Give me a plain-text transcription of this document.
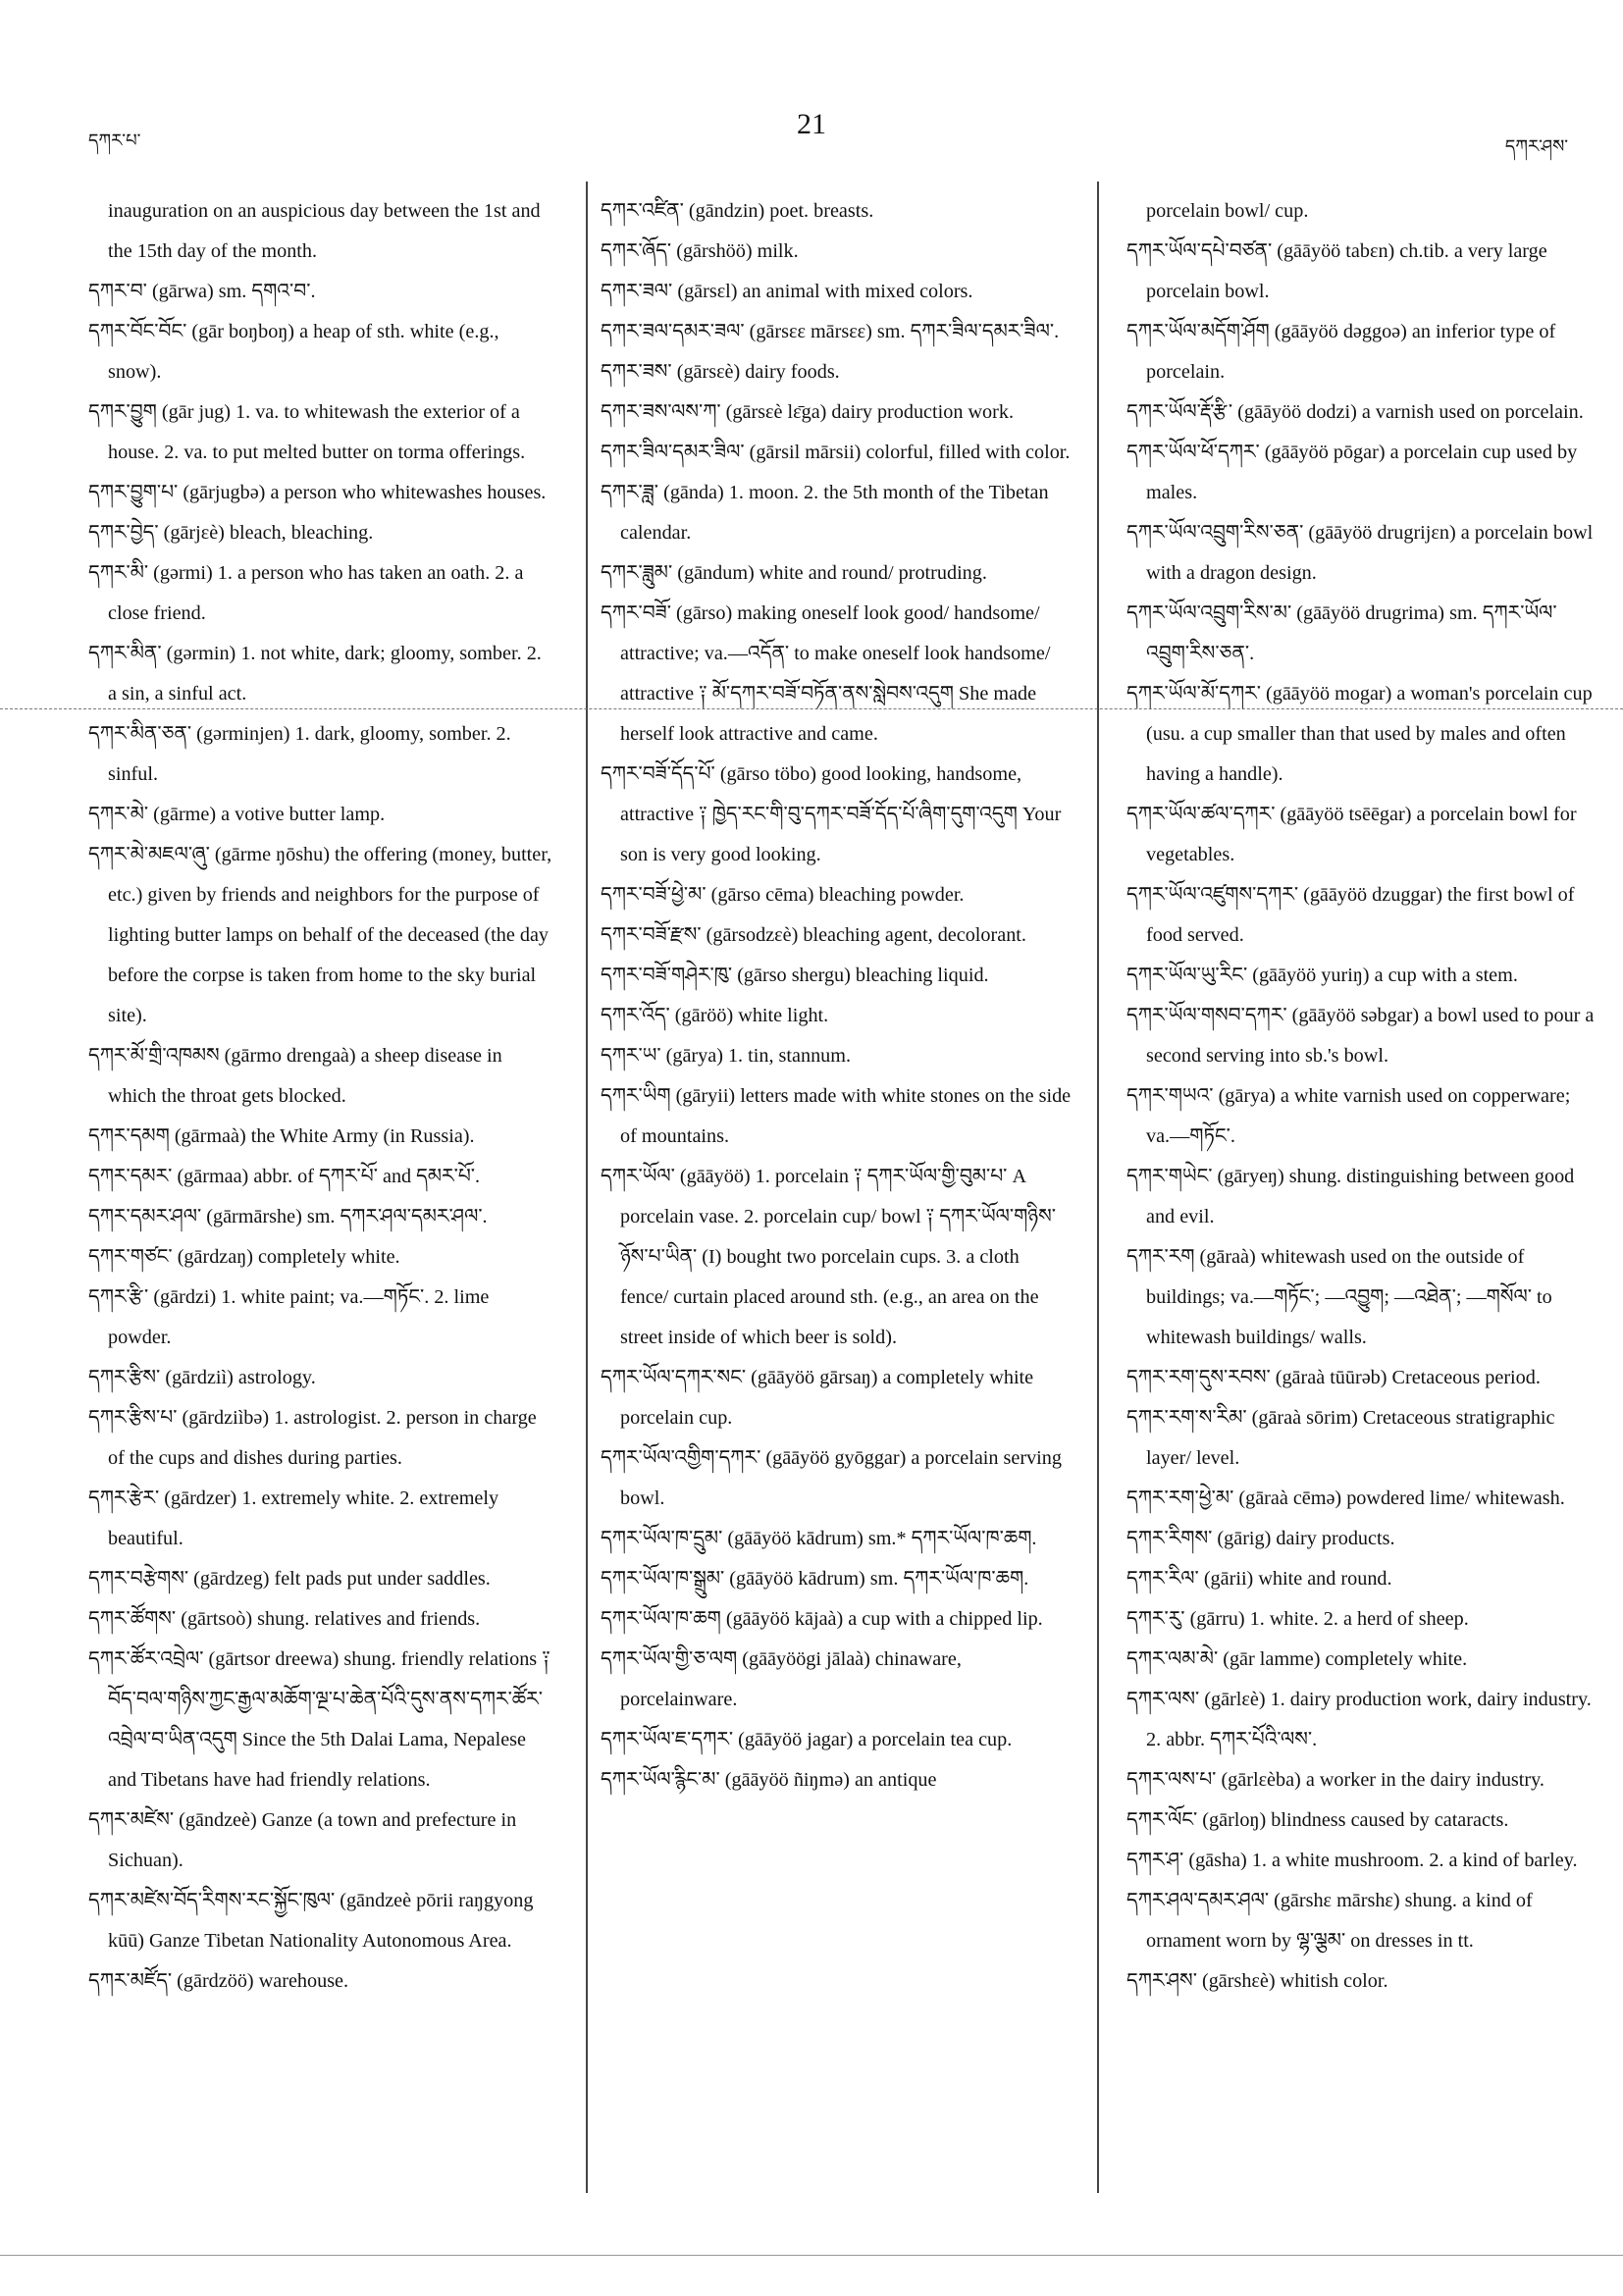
དཀར་པ་
21
དཀར་ཤས་

inauguration on an auspicious day between the 1st and the 15th day of the month.

དཀར་བ་ (gārwa) sm. དགའ་བ་.

དཀར་བོང་བོང་ (gār boŋboŋ) a heap of sth. white (e.g., snow).

དཀར་བྱུག (gār jug) 1. va. to whitewash the exterior of a house. 2. va. to put melted butter on torma offerings.

དཀར་བྱུག་པ་ (gārjugbə) a person who whitewashes houses.

དཀར་བྱེད་ (gārjɛè) bleach, bleaching.

དཀར་མི་ (gərmi) 1. a person who has taken an oath. 2. a close friend.

དཀར་མིན་ (gərmin) 1. not white, dark; gloomy, somber. 2. a sin, a sinful act.

དཀར་མིན་ཅན་ (gərminjen) 1. dark, gloomy, somber. 2. sinful.

དཀར་མེ་ (gārme) a votive butter lamp.

དཀར་མེ་མཇལ་ཞུ་ (gārme ŋōshu) the offering (money, butter, etc.) given by friends and neighbors for the purpose of lighting butter lamps on behalf of the deceased (the day before the corpse is taken from home to the sky burial site).

དཀར་མོ་གྲི་འཁམས (gārmo drengaà) a sheep disease in which the throat gets blocked.

དཀར་དམག (gārmaà) the White Army (in Russia).

དཀར་དམར་ (gārmaa) abbr. of དཀར་པོ་ and དམར་པོ་.

དཀར་དམར་ཤལ་ (gārmārshe) sm. དཀར་ཤལ་དམར་ཤལ་.

དཀར་གཙང་ (gārdzaŋ) completely white.

དཀར་རྩི་ (gārdzi) 1. white paint; va.—གཏོང་. 2. lime powder.

དཀར་རྩིས་ (gārdziì) astrology.

དཀར་རྩིས་པ་ (gārdziìbə) 1. astrologist. 2. person in charge of the cups and dishes during parties.

དཀར་རྩེར་ (gārdzer) 1. extremely white. 2. extremely beautiful.

དཀར་བརྩེགས་ (gārdzeg) felt pads put under saddles.

དཀར་ཚོགས་ (gārtsoò) shung. relatives and friends.

དཀར་ཚོར་འབྲེལ་ (gārtsor dreewa) shung. friendly relations ༑ བོད་བལ་གཉིས་ཀྱང་རྒྱལ་མཆོག་ལྔ་པ་ཆེན་པོའི་དུས་ནས་དཀར་ཚོར་འབྲེལ་བ་ཡིན་འདུག Since the 5th Dalai Lama, Nepalese and Tibetans have had friendly relations.

དཀར་མཛེས་ (gāndzeè) Ganze (a town and prefecture in Sichuan).

དཀར་མཛེས་བོད་རིགས་རང་སྐྱོང་ཁུལ་ (gāndzeè pōrii raŋgyong kūū) Ganze Tibetan Nationality Autonomous Area.

དཀར་མཛོད་ (gārdzöö) warehouse.

དཀར་འཛིན་ (gāndzin) poet. breasts.

དཀར་ཞོད་ (gārshöö) milk.

དཀར་ཟལ་ (gārsɛl) an animal with mixed colors.

དཀར་ཟལ་དམར་ཟལ་ (gārsɛɛ mārsɛɛ) sm. དཀར་ཟིལ་དམར་ཟིལ་.

དཀར་ཟས་ (gārsɛè) dairy foods.

དཀར་ཟས་ལས་ཀ་ (gārsɛè lɛ̄ga) dairy production work.

དཀར་ཟིལ་དམར་ཟིལ་ (gārsil mārsii) colorful, filled with color.

དཀར་ཟླ་ (gānda) 1. moon. 2. the 5th month of the Tibetan calendar.

དཀར་ཟླུམ་ (gāndum) white and round/ protruding.

དཀར་བཟོ་ (gārso) making oneself look good/ handsome/ attractive; va.—འདོན་ to make oneself look handsome/ attractive ༑ མོ་དཀར་བཟོ་བཏོན་ནས་སླེབས་འདུག She made herself look attractive and came.

དཀར་བཟོ་དོད་པོ་ (gārso töbo) good looking, handsome, attractive ༑ ཁྱེད་རང་གི་བུ་དཀར་བཟོ་དོད་པོ་ཞིག་དུག་འདུག Your son is very good looking.

དཀར་བཟོ་ཕྱེ་མ་ (gārso cēma) bleaching powder.

དཀར་བཟོ་རྫས་ (gārsodzɛè) bleaching agent, decolorant.

དཀར་བཟོ་གཤེར་ཁུ་ (gārso shergu) bleaching liquid.

དཀར་འོད་ (gāröö) white light.

དཀར་ཡ་ (gārya) 1. tin, stannum.

དཀར་ཡིག (gāryii) letters made with white stones on the side of mountains.

དཀར་ཡོལ་ (gāāyöö) 1. porcelain ༑ དཀར་ཡོལ་གྱི་བུམ་པ་ A porcelain vase. 2. porcelain cup/ bowl ༑ དཀར་ཡོལ་གཉིས་ཉོས་པ་ཡིན་ (I) bought two porcelain cups. 3. a cloth fence/ curtain placed around sth. (e.g., an area on the street inside of which beer is sold).

དཀར་ཡོལ་དཀར་སང་ (gāāyöö gārsaŋ) a completely white porcelain cup.

དཀར་ཡོལ་འགྱིག་དཀར་ (gāāyöö gyōggar) a porcelain serving bowl.

དཀར་ཡོལ་ཁ་དྲུམ་ (gāāyöö kādrum) sm.* དཀར་ཡོལ་ཁ་ཆག.

དཀར་ཡོལ་ཁ་སྒྲུམ་ (gāāyöö kādrum) sm. དཀར་ཡོལ་ཁ་ཆག.

དཀར་ཡོལ་ཁ་ཆག (gāāyöö kājaà) a cup with a chipped lip.

དཀར་ཡོལ་གྱི་ཅ་ལག (gāāyöögi jālaà) chinaware, porcelainware.

དཀར་ཡོལ་ཇ་དཀར་ (gāāyöö jagar) a porcelain tea cup.

དཀར་ཡོལ་རྙིང་མ་ (gāāyöö ñiŋmə) an antique

porcelain bowl/ cup.

དཀར་ཡོལ་དཔེ་བཙན་ (gāāyöö tabɛn) ch.tib. a very large porcelain bowl.

དཀར་ཡོལ་མདོག་ཤོག (gāāyöö dəggoə) an inferior type of porcelain.

དཀར་ཡོལ་རྡོ་རྩི་ (gāāyöö dodzi) a varnish used on porcelain.

དཀར་ཡོལ་ཕོ་དཀར་ (gāāyöö pōgar) a porcelain cup used by males.

དཀར་ཡོལ་འབྲུག་རིས་ཅན་ (gāāyöö drugrijɛn) a porcelain bowl with a dragon design.

དཀར་ཡོལ་འབྲུག་རིས་མ་ (gāāyöö drugrima) sm. དཀར་ཡོལ་འབྲུག་རིས་ཅན་.

དཀར་ཡོལ་མོ་དཀར་ (gāāyöö mogar) a woman's porcelain cup (usu. a cup smaller than that used by males and often having a handle).

དཀར་ཡོལ་ཚལ་དཀར་ (gāāyöö tsēēgar) a porcelain bowl for vegetables.

དཀར་ཡོལ་འཛུགས་དཀར་ (gāāyöö dzuggar) the first bowl of food served.

དཀར་ཡོལ་ཡུ་རིང་ (gāāyöö yuriŋ) a cup with a stem.

དཀར་ཡོལ་གསབ་དཀར་ (gāāyöö səbgar) a bowl used to pour a second serving into sb.'s bowl.

དཀར་གཡའ་ (gārya) a white varnish used on copperware; va.—གཏོང་.

དཀར་གཡེང་ (gāryeŋ) shung. distinguishing between good and evil.

དཀར་རག (gāraà) whitewash used on the outside of buildings; va.—གཏོང་; —འབྱུག; —འཐེན་; —གསོལ་ to whitewash buildings/ walls.

དཀར་རག་དུས་རབས་ (gāraà tūūrəb) Cretaceous period.

དཀར་རག་ས་རིམ་ (gāraà sōrim) Cretaceous stratigraphic layer/ level.

དཀར་རག་ཕྱེ་མ་ (gāraà cēmə) powdered lime/ whitewash.

དཀར་རིགས་ (gārig) dairy products.

དཀར་རིལ་ (gārii) white and round.

དཀར་རུ་ (gārru) 1. white. 2. a herd of sheep.

དཀར་ལམ་མེ་ (gār lamme) completely white.

དཀར་ལས་ (gārlɛè) 1. dairy production work, dairy industry. 2. abbr. དཀར་པོའི་ལས་.

དཀར་ལས་པ་ (gārlɛèba) a worker in the dairy industry.

དཀར་ལོང་ (gārloŋ) blindness caused by cataracts.

དཀར་ཤ་ (gāsha) 1. a white mushroom. 2. a kind of barley.

དཀར་ཤལ་དམར་ཤལ་ (gārshɛ mārshɛ) shung. a kind of ornament worn by ལྷ་ལྕམ་ on dresses in tt.

དཀར་ཤས་ (gārshɛè) whitish color.
